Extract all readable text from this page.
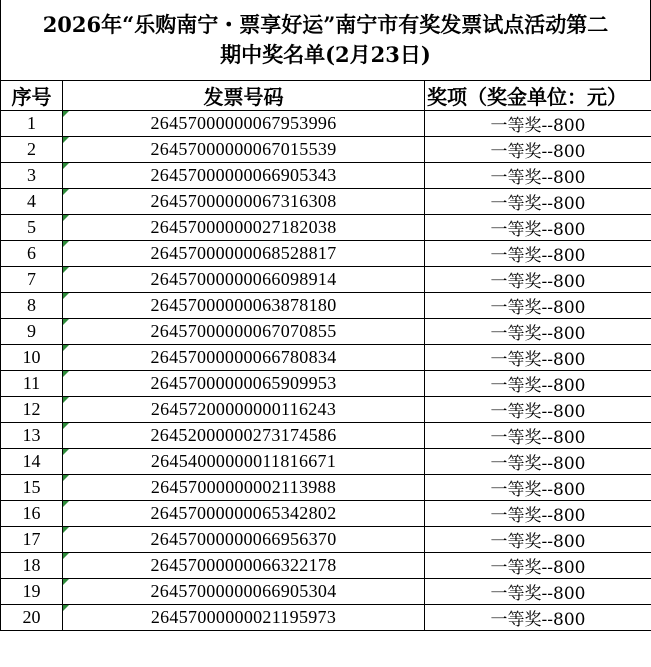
2026年“乐购南宁・票享好运”南宁市有奖发票试点活动第二
期中奖名单(2月23日)
序号	发票号码	奖项（奖金单位：元）
1	26457000000067953996	一等奖--800
2	26457000000067015539	一等奖--800
3	26457000000066905343	一等奖--800
4	26457000000067316308	一等奖--800
5	26457000000027182038	一等奖--800
6	26457000000068528817	一等奖--800
7	26457000000066098914	一等奖--800
8	26457000000063878180	一等奖--800
9	26457000000067070855	一等奖--800
10	26457000000066780834	一等奖--800
11	26457000000065909953	一等奖--800
12	26457200000000116243	一等奖--800
13	26452000000273174586	一等奖--800
14	26454000000011816671	一等奖--800
15	26457000000002113988	一等奖--800
16	26457000000065342802	一等奖--800
17	26457000000066956370	一等奖--800
18	26457000000066322178	一等奖--800
19	26457000000066905304	一等奖--800
20	26457000000021195973	一等奖--800
